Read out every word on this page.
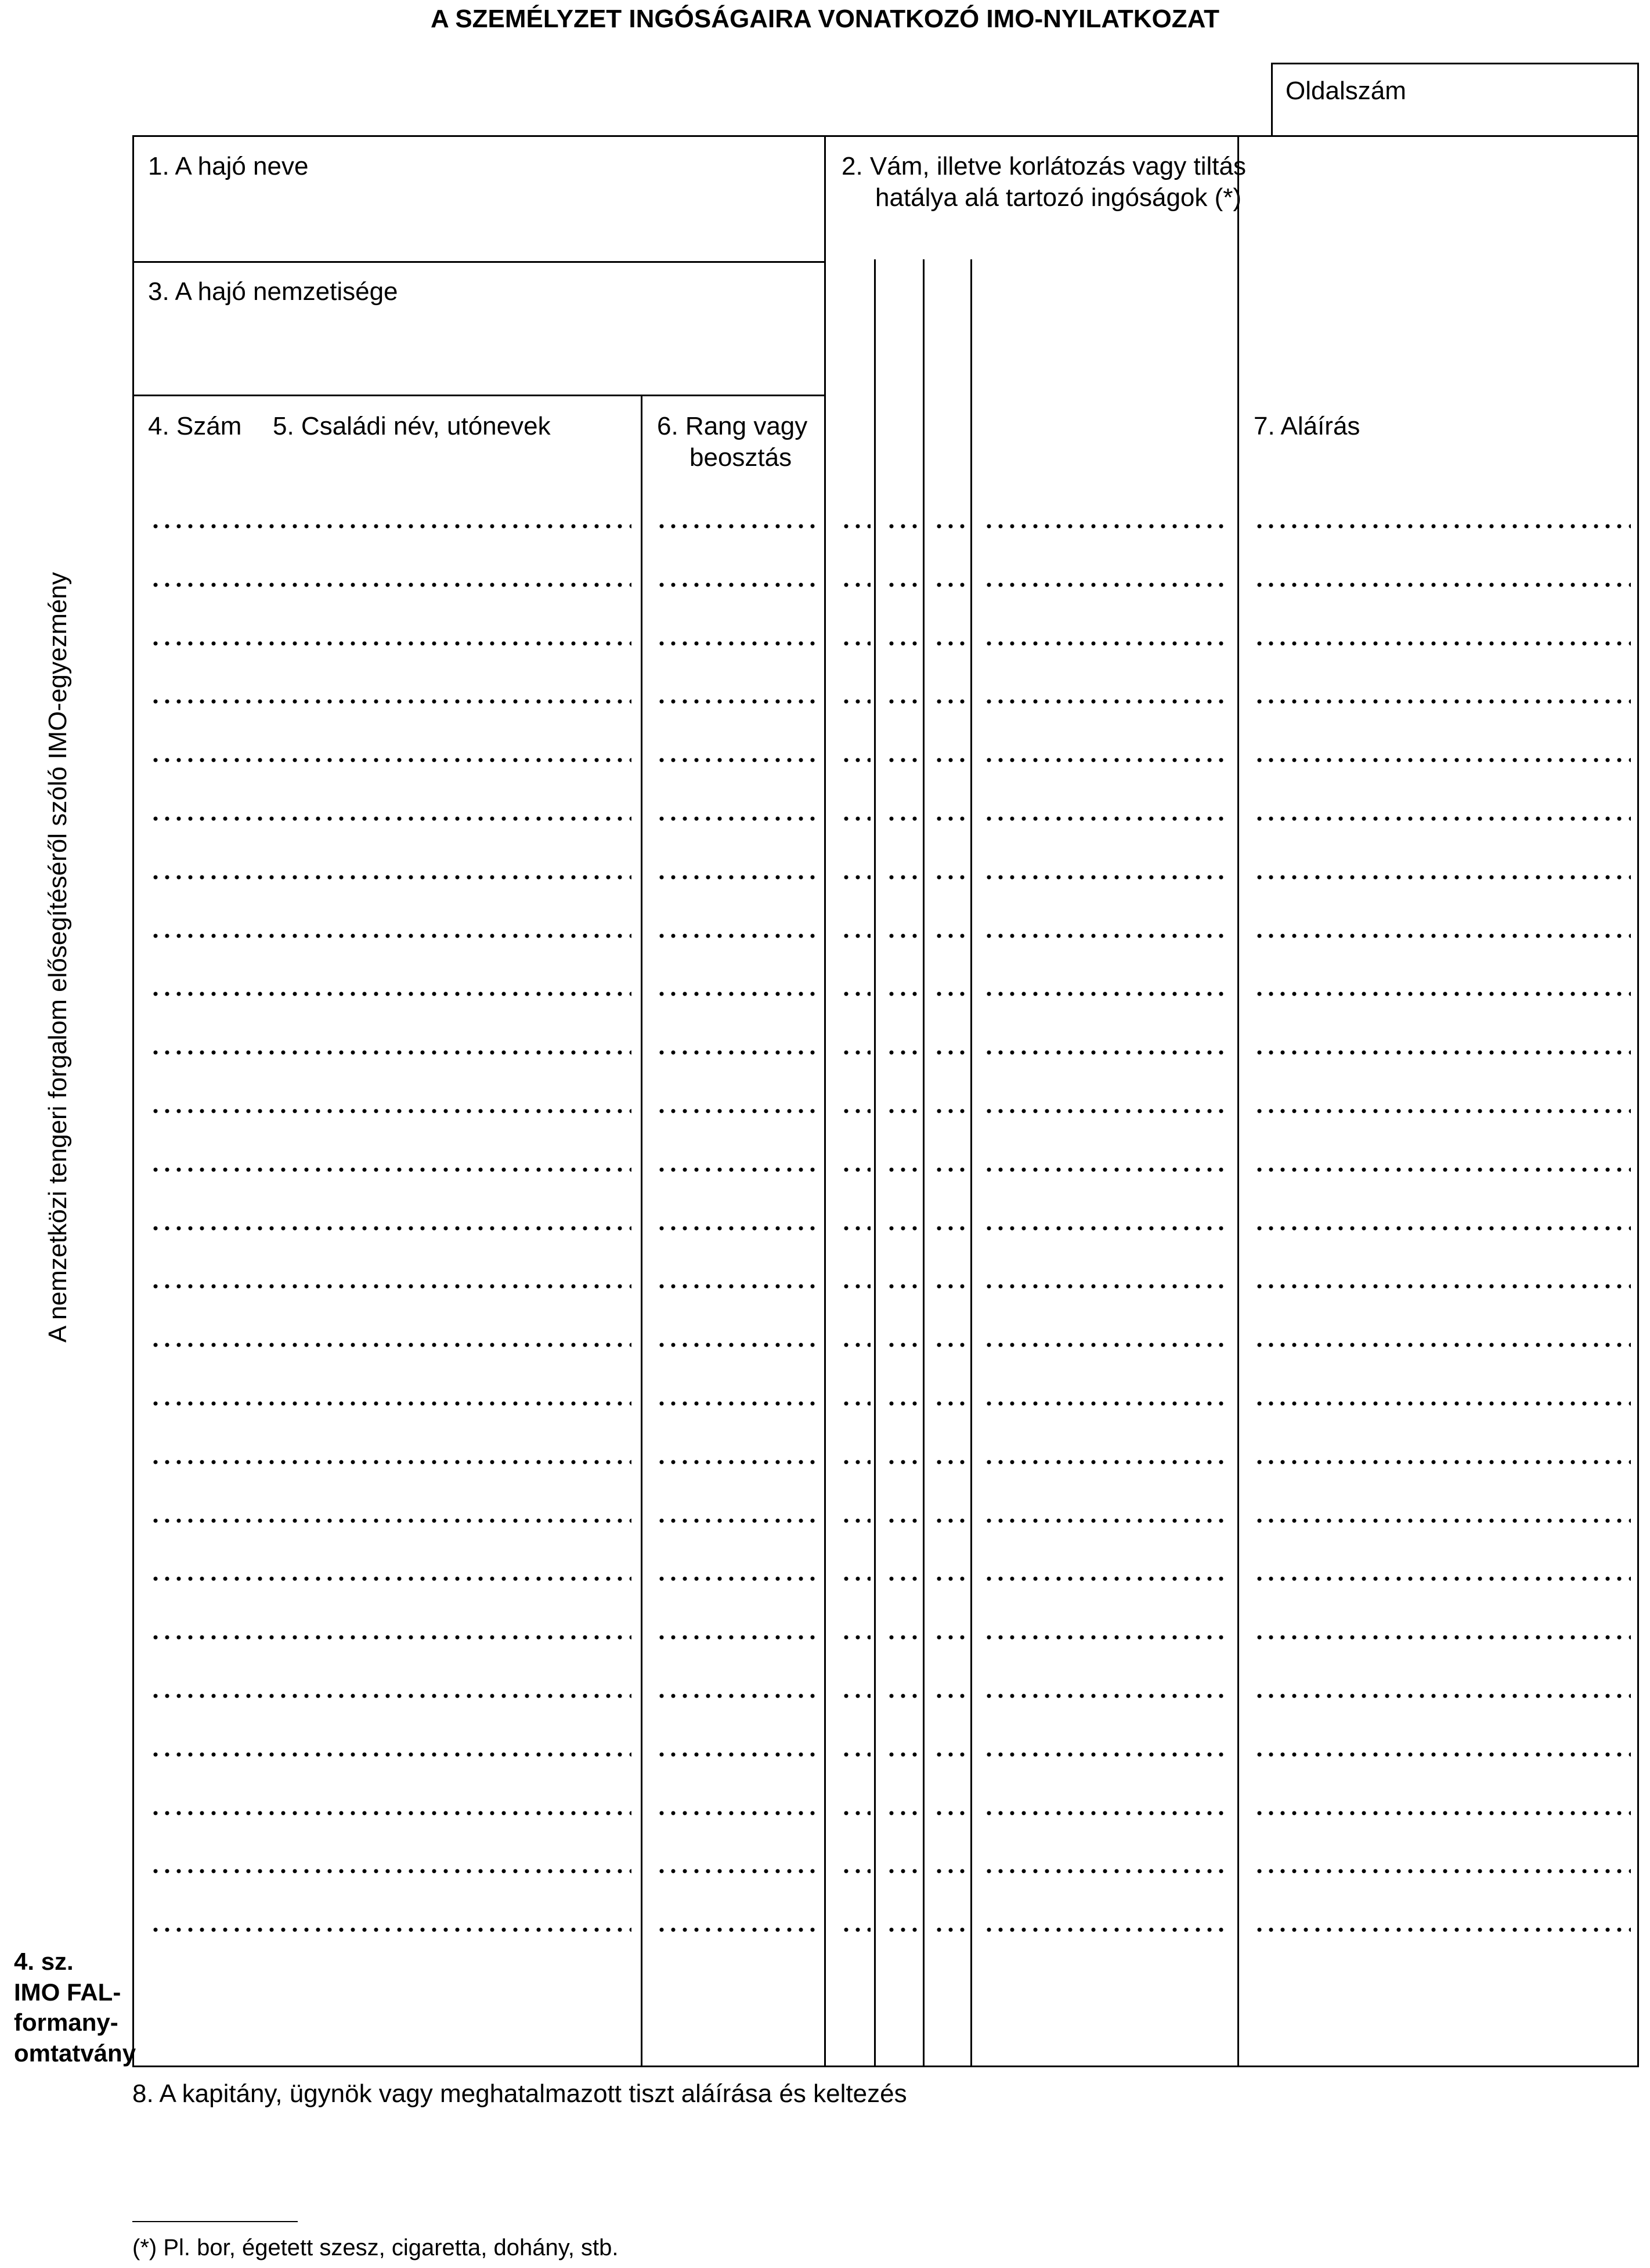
A SZEMÉLYZET INGÓSÁGAIRA VONATKOZÓ IMO-NYILATKOZAT
Oldalszám
1. A hajó neve	2. Vám, illetve korlátozás vagy tiltás
hatálya alá tartozó ingóságok (*)
3. A hajó nemzetisége
4. Szám 5. Családi név, utónevek	6. Rang vagy
beosztás
7. Aláírás
A nemzetközi tengeri forgalom elősegítéséről szóló IMO-egyezmény
4. sz.
IMO FAL-
formany-
omtatvány
8. A kapitány, ügynök vagy meghatalmazott tiszt aláírása és keltezés
(*) Pl. bor, égetett szesz, cigaretta, dohány, stb.
